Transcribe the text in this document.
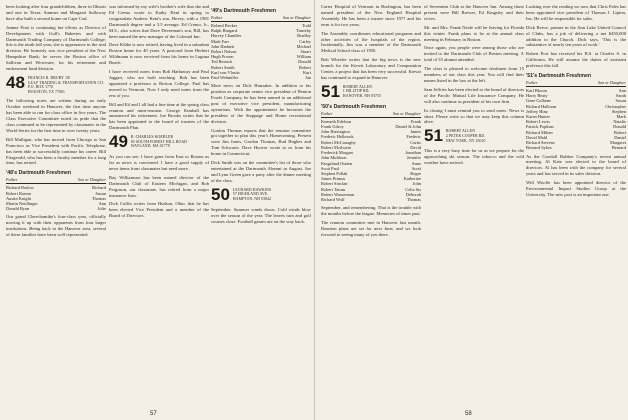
been looking after four grandchildren, three in Illinois and one in Texas. Sumner and Margaret Sulloway have also built a second home on Cape Cod.

Jeanne Pratt is continuing her efforts as Director of Development with Gull's Bakeries and with Dartmouth Trading Company of Dartmouth College; this is the ninth full year; she is appearance in the trial division. He formerly was vice president of the New Hampshire Bank; he serves the Boston office of Sullivan and Worcester, for his retirement and endowment fund division.

48 FRANCIS R. DRURY '48
GULF TRADING & TRANSPORTATION CO.
P.O. BOX 1770
HOUSTON, TX 77001

The following notes are written during an early October weekend in Hanover, the first time anyone has been able to run for class office in five years. The Class Executive Committee noted its pride that the class continued to be represented by classmates in the World Series for the first time in over twenty years.

Bill Mulligan, who has moved from Chicago to San Francisco as Vice President with Pacific Telephone, has been able to successfully continue his career. Bill Fitzgerald, who has been a faculty member for a long time, has retired.

'48's Dartmouth Freshmen
Father	Son or Daughter
Richard Barlow	Richard
Robert Barnes	Susan
Austin Knight	Thomas
Martin Neidlinger	Ann
Donald Ryan	Julie

Our grand Cheechamike's four-class year, officially moving it up with their opponents from four larger institutions. Being back in the Hanover area, several of these families have been well represented.

was informed by my wife's brother's wife that she and Ed Cremo wrote to Kathy Kent in spring to congratulate Andrew Kent's son, Hovey, with a 1981 Dartmouth degree and a 3.5 average. Ed Cremo, Jr., M.S., also writes that Dave Deverman's son, Bill, has been named the new manager of the Colonial Inn.

Dave Kibbe is now retired, having lived in a suburban Boston home for 40 years. A postcard from Herbert Wildmann is now received from his home in Laguna Beach.

I have received notes from Bob Hathaway and Paul Jaggart, who are both teaching. Bob has been appointed a professor at Boston College. Paul has moved to Vermont. Now I only need notes from the rest of you.

Bill and Ed and I all had a fine time at the spring class reunion and mini-reunion. George Kimball has announced his retirement. Joe Brooks writes that he has been appointed to the board of trustees of the Dartmouth Plan.

49 R. CHARLES KOEHLER
65 SOUTH FOREST HILL ROAD
WAYLAND, MA 01778

As you can see, I have gone from East to Boston as far as news is concerned. I have a good supply of news items from classmates but need more.

Ray Williamson has been named director of the Dartmouth Club of Eastern Michigan, and Bob Ferguson, our classmate, has retired from a major insurance firm.

Dick Coffin writes from Hudson, Ohio, that he has been elected Vice President and a member of the Board of Directors.

'49's Dartmouth Freshmen
Father	Son or Daughter
Roland Becker	Todd
Ralph Burgard	Timothy
Harvey Chandler	Bradley
Mark Farr	Carley
John Hadnett	Michael
Robert Nelson	Stuart
Hugh Proom	William
Ted Remick	Donald
Robert Smith	Robert
Karl von Vlasits	Kurt
Paul Wehmiller	Ian

More news on Dick Hunsaker. In addition to his position as corporate senior vice president of Benton Foods Company, he has been named to an additional post of executive vice president, manufacturing operations. With the appointment he becomes the president of the Stoppage and Home recreational division.

Gordon Thomas reports that the reunion committee got together to plan this year's Homecoming. Present were Jim Jones, Gordon Thomas, Bud Hughes and Tom Schwartz. Dave Hoover wrote to us from his home in Connecticut.

Dick Smith was on the committee's list of those who entertained at the Dartmouth Alumni in August. Joe and Lynn Green gave a party after the dinner meeting of the class.

50 LEONARD HAWKINS
57 HIGHLAND AVE.
HAMPTON, NH 03842

September. Summer winds down. Cold winds blow over the season of the year. The leaves turn and golf courses close. Football games are on the way back.

57

Carter Hospital of Vermont in Burlington, has been named president of the New England Hospital Assembly. He has been a trustee since 1977 and his term is for two years.

The Assembly coordinates educational programs and other activities of the hospitals of the region. Incidentally, Jim was a member of the Dartmouth Medical School class of 1950.

Bob Wheeler writes that the big news is the new branch for the Kiewit Laboratory and Computation Center, a project that has been very successful. Kiewit has continued to expand in Hanover.

51 ROBERT ALLEN
1 HILLTOP RD.
HANOVER, NH 03755
'50's Dartmouth Freshmen
Father	Son or Daughter
Kenneth Edelson	Frank
Frank Gilroy	Daniel & John
John Harrington	James
Frederic Holbrook	Frederic
Robert McConaghy	Curtis
Robert Mcilwain	David
Frederick Morgan	Jonathan
John Muldoon	Jennifer
Kingsland Outten	Anne
Scott Paul	Scott
Stephen Pollak	Roger
James Primus	Katherine
Robert Sinclair	John
Robert Tatum	Celia Sis
Robert Wasserman	Deborah
Richard Wolf	Thomas

September, and remembering. That is the trouble with the months before the league. Memories of times past.

The reunion committee met in Hanover last month. Reunion plans are set for next June, and we look forward to seeing many of you there.

of Seventeen Club at the Hanover Inn. Among those present were Bill Brewer, Ed Kingsley and their wives.

Mr. and Mrs. Frank Neale will be leaving for Florida this winter. Frank plans to be at the annual class meeting in February in Boston.

Once again, you people were among those who are invited to the Dartmouth Club of Boston meeting. A total of 35 alumni attended.

The class is pleased to welcome freshmen from 15 members of our class this year. You will find their names listed in the box at the left.

Sam Jeffries has been elected to the board of directors of the Pacific Mutual Life Insurance Company. He will also continue as president of his own firm.

In closing I must remind you to send notes. News is short. Please write so that we may keep this column alive.

51 ROBERT ALLEN
2 PETER COOPER RD.
NEW YORK, NY 10010

This is a very busy time for us as we prepare for the approaching ski season. The tobacco and the cold weather have arrived.

Looking over the reading we now that Chris Fales has been appointed vice president of Thomas J. Lipton, Inc. He will be responsible for sales.

Dick Reece, partner in the Ann Lake United Council of Clubs, has a job of delivering a net $450,000 addition to the Church. Dick says, 'This is the substantive of nearly ten years of work.'

Robert Post has received his B.S. at Charles S. in California. He will assume the duties of assistant professor this fall.

'51's Dartmouth Freshmen
Father	Son or Daughter
Karl Bloom	Ann
Harry Beaty	Sarah
Gene Culhane	Susan
Richard Halloran	Christopher
Jeffrey Hinz	Stephen
Karen Hunter	Mark
Robert Lewis	Natalie
Patrick Popkins	Donald
Richard Milner	Robert
David Mohl	Daniel
Richard Stevens	Margaret
Bernard Sykes	Bernard

As the Goodall Rubber Company's recent annual meeting, Al Katz was elected to the board of directors. Al has been with the company for several years and has served in its sales division.

Will Woolfe has been appointed director of the Environmental Impact Studies Group at the University. The new post is an important one.

58
